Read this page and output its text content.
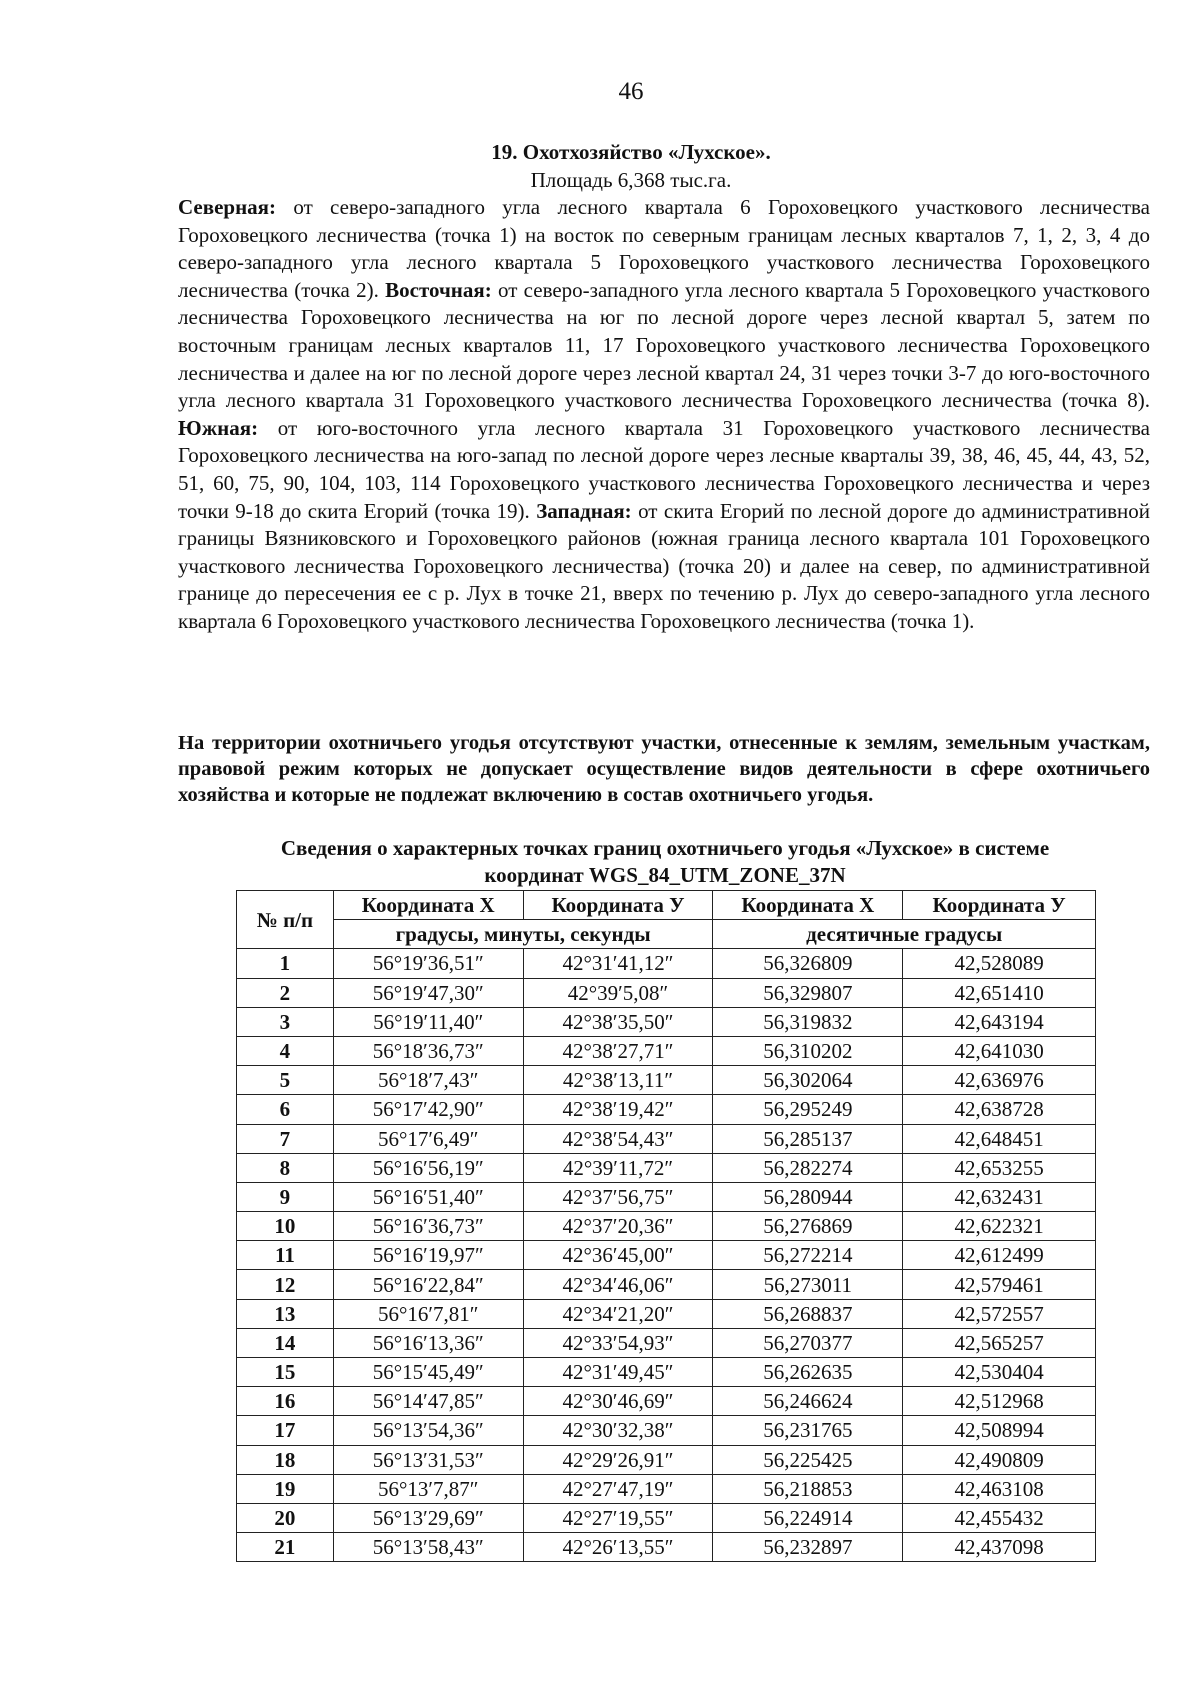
46
19. Охотхозяйство «Лухское».
Площадь 6,368 тыс.га.

Северная: от северо-западного угла лесного квартала 6 Гороховецкого участкового лесничества Гороховецкого лесничества (точка 1) на восток по северным границам лесных кварталов 7, 1, 2, 3, 4 до северо-западного угла лесного квартала 5 Гороховецкого участкового лесничества Гороховецкого лесничества (точка 2). Восточная: от северо-западного угла лесного квартала 5 Гороховецкого участкового лесничества Гороховецкого лесничества на юг по лесной дороге через лесной квартал 5, затем по восточным границам лесных кварталов 11, 17 Гороховецкого участкового лесничества Гороховецкого лесничества и далее на юг по лесной дороге через лесной квартал 24, 31 через точки 3-7 до юго-восточного угла лесного квартала 31 Гороховецкого участкового лесничества Гороховецкого лесничества (точка 8). Южная: от юго-восточного угла лесного квартала 31 Гороховецкого участкового лесничества Гороховецкого лесничества на юго-запад по лесной дороге через лесные кварталы 39, 38, 46, 45, 44, 43, 52, 51, 60, 75, 90, 104, 103, 114 Гороховецкого участкового лесничества Гороховецкого лесничества и через точки 9-18 до скита Егорий (точка 19). Западная: от скита Егорий по лесной дороге до административной границы Вязниковского и Гороховецкого районов (южная граница лесного квартала 101 Гороховецкого участкового лесничества Гороховецкого лесничества) (точка 20) и далее на север, по административной границе до пересечения ее с р. Лух в точке 21, вверх по течению р. Лух до северо-западного угла лесного квартала 6 Гороховецкого участкового лесничества Гороховецкого лесничества (точка 1).

На территории охотничьего угодья отсутствуют участки, отнесенные к землям, земельным участкам, правовой режим которых не допускает осуществление видов деятельности в сфере охотничьего хозяйства и которые не подлежат включению в состав охотничьего угодья.

Сведения о характерных точках границ охотничьего угодья «Лухское» в системе
координат WGS_84_UTM_ZONE_37N
№ п/п	Координата X	Координата У	Координата X	Координата У
	градусы, минуты, секунды		десятичные градусы	
1	56°19′36,51″	42°31′41,12″	56,326809	42,528089
2	56°19′47,30″	42°39′5,08″	56,329807	42,651410
3	56°19′11,40″	42°38′35,50″	56,319832	42,643194
4	56°18′36,73″	42°38′27,71″	56,310202	42,641030
5	56°18′7,43″	42°38′13,11″	56,302064	42,636976
6	56°17′42,90″	42°38′19,42″	56,295249	42,638728
7	56°17′6,49″	42°38′54,43″	56,285137	42,648451
8	56°16′56,19″	42°39′11,72″	56,282274	42,653255
9	56°16′51,40″	42°37′56,75″	56,280944	42,632431
10	56°16′36,73″	42°37′20,36″	56,276869	42,622321
11	56°16′19,97″	42°36′45,00″	56,272214	42,612499
12	56°16′22,84″	42°34′46,06″	56,273011	42,579461
13	56°16′7,81″	42°34′21,20″	56,268837	42,572557
14	56°16′13,36″	42°33′54,93″	56,270377	42,565257
15	56°15′45,49″	42°31′49,45″	56,262635	42,530404
16	56°14′47,85″	42°30′46,69″	56,246624	42,512968
17	56°13′54,36″	42°30′32,38″	56,231765	42,508994
18	56°13′31,53″	42°29′26,91″	56,225425	42,490809
19	56°13′7,87″	42°27′47,19″	56,218853	42,463108
20	56°13′29,69″	42°27′19,55″	56,224914	42,455432
21	56°13′58,43″	42°26′13,55″	56,232897	42,437098
